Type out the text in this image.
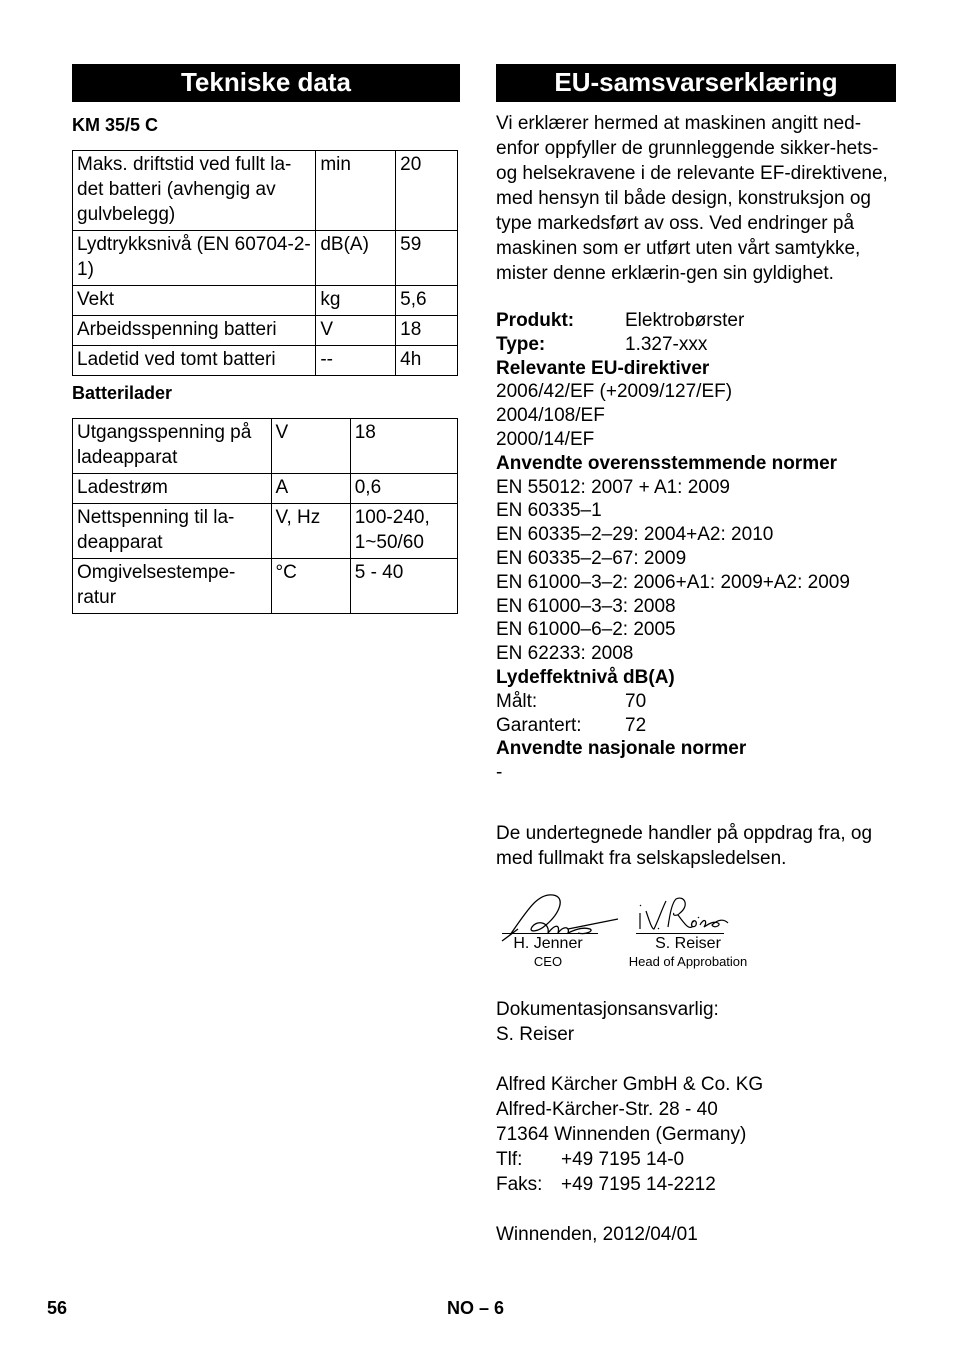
Tekniske data
KM 35/5 C
Maks. driftstid ved fullt la-det batteri (avhengig av gulvbelegg)	min	20
Lydtrykksnivå (EN 60704-2-1)	dB(A)	59
Vekt	kg	5,6
Arbeidsspenning batteri	V	18
Ladetid ved tomt batteri	--	4h
Batterilader
Utgangsspenning på ladeapparat	V	18
Ladestrøm	A	0,6
Nettspenning til la-deapparat	V, Hz	100-240, 1~50/60
Omgivelsestempe-ratur	°C	5 - 40
EU-samsvarserklæring

Vi erklærer hermed at maskinen angitt ned-enfor oppfyller de grunnleggende sikker-hets- og helsekravene i de relevante EF-direktivene, med hensyn til både design, konstruksjon og type markedsført av oss. Ved endringer på maskinen som er utført uten vårt samtykke, mister denne erklærin-gen sin gyldighet.

Produkt:	Elektrobørster
Type:	1.327-xxx
Relevante EU-direktiver
2006/42/EF (+2009/127/EF)
2004/108/EF
2000/14/EF
Anvendte overensstemmende normer
EN 55012: 2007 + A1: 2009
EN 60335–1
EN 60335–2–29: 2004+A2: 2010
EN 60335–2–67: 2009
EN 61000–3–2: 2006+A1: 2009+A2: 2009
EN 61000–3–3: 2008
EN 61000–6–2: 2005
EN 62233: 2008
Lydeffektnivå dB(A)
Målt:	70
Garantert:	72
Anvendte nasjonale normer
-

De undertegnede handler på oppdrag fra, og med fullmakt fra selskapsledelsen.

H. Jenner
CEO
S. Reiser
Head of Approbation
Dokumentasjonsansvarlig:
S. Reiser
Alfred Kärcher GmbH & Co. KG
Alfred-Kärcher-Str. 28 - 40
71364 Winnenden (Germany)
Tlf:	+49 7195 14-0
Faks: +49 7195 14-2212
Winnenden, 2012/04/01
56	NO – 6
